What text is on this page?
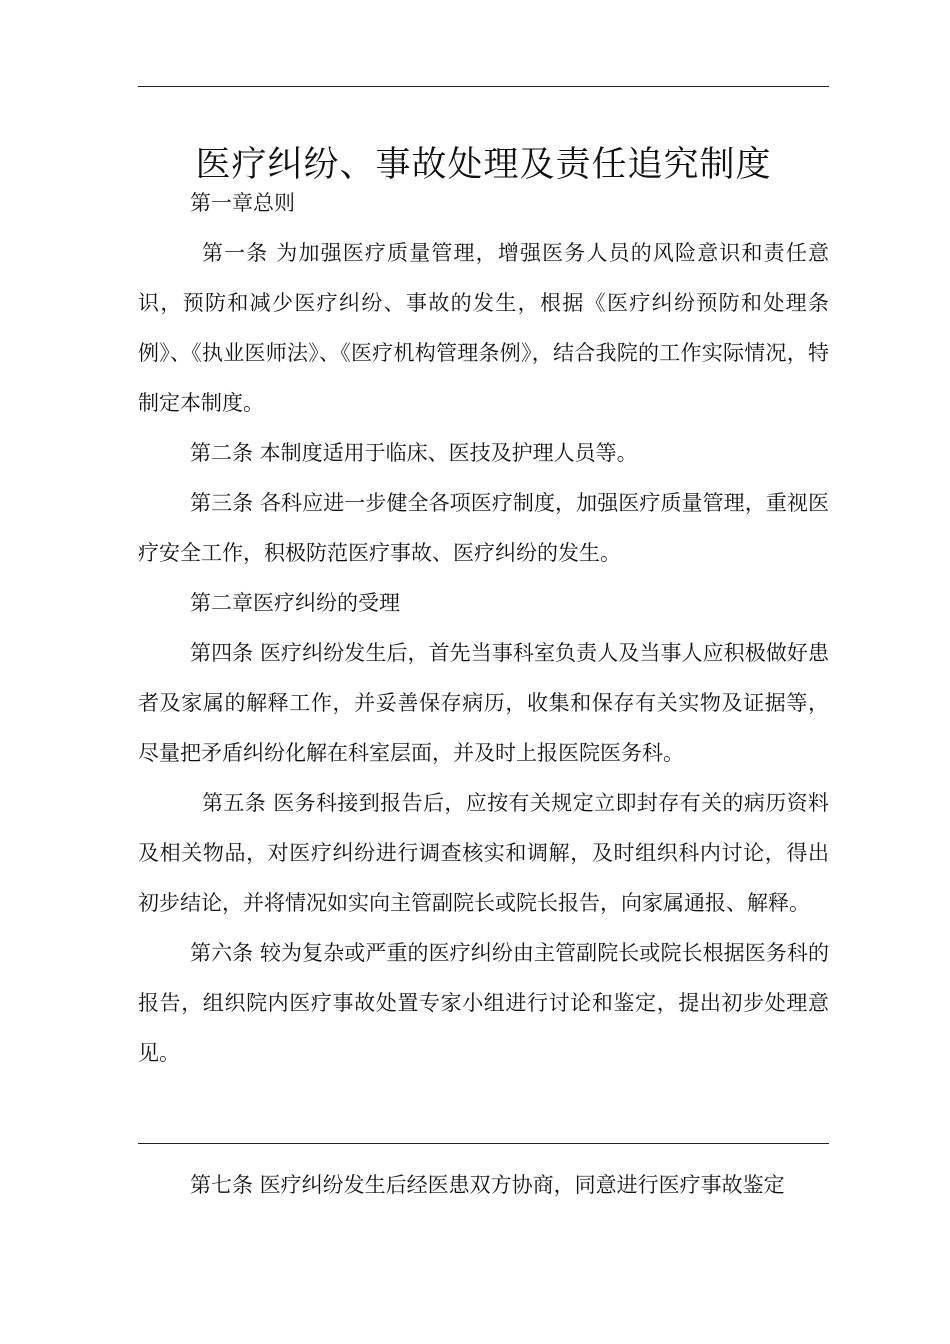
医疗纠纷、事故处理及责任追究制度

第一章总则

第一条 为加强医疗质量管理，增强医务人员的风险意识和责任意识，预防和减少医疗纠纷、事故的发生，根据《医疗纠纷预防和处理条例》、《执业医师法》、《医疗机构管理条例》，结合我院的工作实际情况，特制定本制度。

第二条 本制度适用于临床、医技及护理人员等。

第三条 各科应进一步健全各项医疗制度，加强医疗质量管理，重视医疗安全工作，积极防范医疗事故、医疗纠纷的发生。

第二章医疗纠纷的受理

第四条 医疗纠纷发生后，首先当事科室负责人及当事人应积极做好患者及家属的解释工作，并妥善保存病历，收集和保存有关实物及证据等，尽量把矛盾纠纷化解在科室层面，并及时上报医院医务科。

第五条 医务科接到报告后，应按有关规定立即封存有关的病历资料及相关物品，对医疗纠纷进行调查核实和调解，及时组织科内讨论，得出初步结论，并将情况如实向主管副院长或院长报告，向家属通报、解释。

第六条 较为复杂或严重的医疗纠纷由主管副院长或院长根据医务科的报告，组织院内医疗事故处置专家小组进行讨论和鉴定，提出初步处理意见。

第七条 医疗纠纷发生后经医患双方协商，同意进行医疗事故鉴定
